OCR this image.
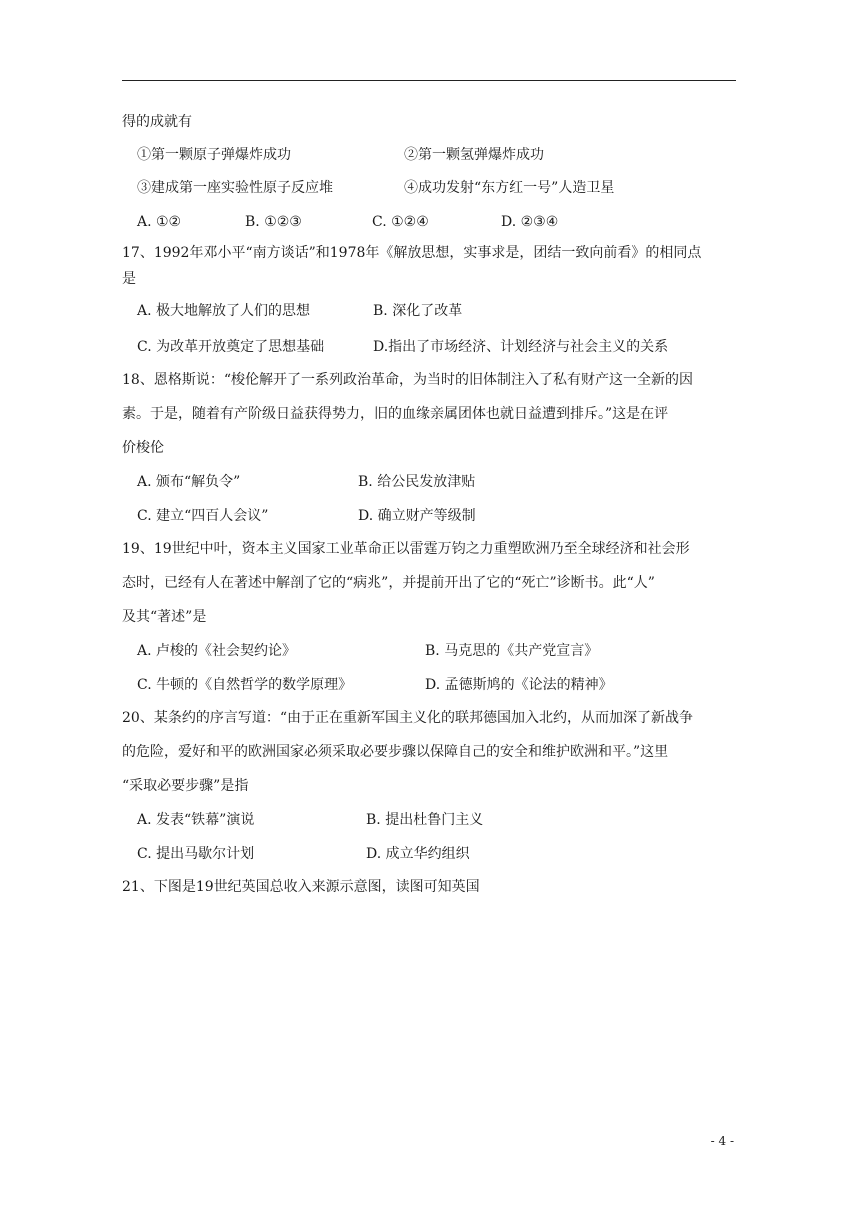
得的成就有
①第一颗原子弹爆炸成功	②第一颗氢弹爆炸成功
③建成第一座实验性原子反应堆	④成功发射“东方红一号”人造卫星
A. ①②	B. ①②③	C. ①②④	D. ②③④
17、1992年邓小平“南方谈话”和1978年《解放思想，实事求是，团结一致向前看》的相同点
是
A. 极大地解放了人们的思想	B. 深化了改革
C. 为改革开放奠定了思想基础	D.指出了市场经济、计划经济与社会主义的关系
18、恩格斯说：“梭伦解开了一系列政治革命，为当时的旧体制注入了私有财产这一全新的因
素。于是，随着有产阶级日益获得势力，旧的血缘亲属团体也就日益遭到排斥。”这是在评
价梭伦
A. 颁布“解负令”	B. 给公民发放津贴
C. 建立“四百人会议”	D. 确立财产等级制
19、19世纪中叶，资本主义国家工业革命正以雷霆万钧之力重塑欧洲乃至全球经济和社会形
态时，已经有人在著述中解剖了它的“病兆”，并提前开出了它的“死亡”诊断书。此“人”
及其“著述”是
A. 卢梭的《社会契约论》	B. 马克思的《共产党宣言》
C. 牛顿的《自然哲学的数学原理》	D. 孟德斯鸠的《论法的精神》
20、某条约的序言写道：“由于正在重新军国主义化的联邦德国加入北约，从而加深了新战争
的危险，爱好和平的欧洲国家必须采取必要步骤以保障自己的安全和维护欧洲和平。”这里
“采取必要步骤”是指
A. 发表“铁幕”演说	B. 提出杜鲁门主义
C. 提出马歇尔计划	D. 成立华约组织
21、下图是19世纪英国总收入来源示意图，读图可知英国
- 4 -
